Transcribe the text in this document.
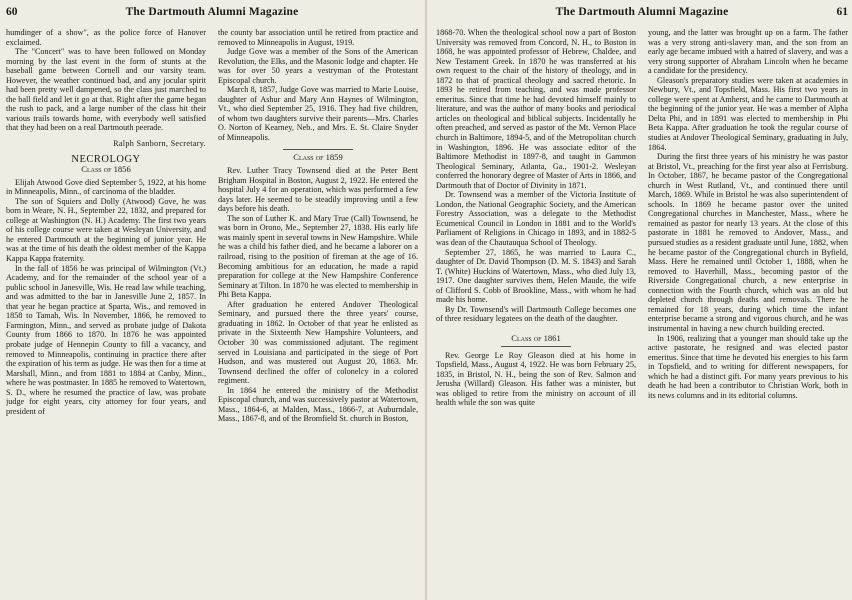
60	The Dartmouth Alumni Magazine

humdinger of a show", as the police force of Hanover exclaimed.

The "Concert" was to have been followed on Monday morning by the last event in the form of stunts at the baseball game between Cornell and our varsity team. However, the weather continued bad, and any jocular spirit had been pretty well dampened, so the class just marched to the ball field and let it go at that. Right after the game began the rush to pack, and a large number of the class hit their various trails towards home, with everybody well satisfied that they had been on a real Dartmouth peerade.

Ralph Sanborn, Secretary.
NECROLOGY
Class of 1856

Elijah Atwood Gove died September 5, 1922, at his home in Minneapolis, Minn., of carcinoma of the bladder.

The son of Squiers and Dolly (Atwood) Gove, he was born in Weare, N. H., September 22, 1832, and prepared for college at Washington (N. H.) Academy. The first two years of his college course were taken at Wesleyan University, and he entered Dartmouth at the beginning of junior year. He was at the time of his death the oldest member of the Kappa Kappa Kappa fraternity.

In the fall of 1856 he was principal of Wilmington (Vt.) Academy, and for the remainder of the school year of a public school in Janesville, Wis. He read law while teaching, and was admitted to the bar in Janesville June 2, 1857. In that year he began practice at Sparta, Wis., and removed in 1858 to Tamah, Wis. In November, 1866, he removed to Farmington, Minn., and served as probate judge of Dakota County from 1866 to 1870. In 1876 he was appointed probate judge of Hennepin County to fill a vacancy, and removed to Minneapolis, continuing in practice there after the expiration of his term as judge. He was then for a time at Marshall, Minn., and from 1881 to 1884 at Canby, Minn., where he was postmaster. In 1885 he removed to Watertown, S. D., where he resumed the practice of law, was probate judge for eight years, city attorney for four years, and president of

the county bar association until he retired from practice and removed to Minneapolis in August, 1919.

Judge Gove was a member of the Sons of the American Revolution, the Elks, and the Masonic lodge and chapter. He was for over 50 years a vestryman of the Protestant Episcopal church.

March 8, 1857, Judge Gove was married to Marie Louise, daughter of Ashur and Mary Ann Haynes of Wilmington, Vt., who died September 25, 1916. They had five children, of whom two daughters survive their parents—Mrs. Charles O. Norton of Kearney, Neb., and Mrs. E. St. Claire Snyder of Minneapolis.

Class of 1859

Rev. Luther Tracy Townsend died at the Peter Bent Brigham Hospital in Boston, August 2, 1922. He entered the hospital July 4 for an operation, which was performed a few days later. He seemed to be steadily improving until a few days before his death.

The son of Luther K. and Mary True (Call) Townsend, he was born in Orono, Me., September 27, 1838. His early life was mainly spent in several towns in New Hampshire. While he was a child his father died, and he became a laborer on a railroad, rising to the position of fireman at the age of 16. Becoming ambitious for an education, he made a rapid preparation for college at the New Hampshire Conference Seminary at Tilton. In 1870 he was elected to membership in Phi Beta Kappa.

After graduation he entered Andover Theological Seminary, and pursued there the three years' course, graduating in 1862. In October of that year he enlisted as private in the Sixteenth New Hampshire Volunteers, and October 30 was commissioned adjutant. The regiment served in Louisiana and participated in the siege of Port Hudson, and was mustered out August 20, 1863. Mr. Townsend declined the offer of colonelcy in a colored regiment.

In 1864 he entered the ministry of the Methodist Episcopal church, and was successively pastor at Watertown, Mass., 1864-6, at Malden, Mass., 1866-7, at Auburndale, Mass., 1867-8, and of the Bromfield St. church in Boston,

The Dartmouth Alumni Magazine	61

1868-70. When the theological school now a part of Boston University was removed from Concord, N. H., to Boston in 1868, he was appointed professor of Hebrew, Chaldee, and New Testament Greek. In 1870 he was transferred at his own request to the chair of the history of theology, and in 1872 to that of practical theology and sacred rhetoric. In 1893 he retired from teaching, and was made professor emeritus. Since that time he had devoted himself mainly to literature, and was the author of many books and periodical articles on theological and biblical subjects. Incidentally he often preached, and served as pastor of the Mt. Vernon Place church in Baltimore, 1894-5, and of the Metropolitan church in Washington, 1896. He was associate editor of the Baltimore Methodist in 1897-8, and taught in Gammon Theological Seminary, Atlanta, Ga., 1901-2. Wesleyan conferred the honorary degree of Master of Arts in 1866, and Dartmouth that of Doctor of Divinity in 1871.

Dr. Townsend was a member of the Victoria Institute of London, the National Geographic Society, and the American Forestry Association, was a delegate to the Methodist Ecumenical Council in London in 1881 and to the World's Parliament of Religions in Chicago in 1893, and in 1882-5 was dean of the Chautauqua School of Theology.

September 27, 1865, he was married to Laura C., daughter of Dr. David Thompson (D. M. S. 1843) and Sarah T. (White) Huckins of Watertown, Mass., who died July 13, 1917. One daughter survives them, Helen Maude, the wife of Clifford S. Cobb of Brookline, Mass., with whom he had made his home.

By Dr. Townsend's will Dartmouth College becomes one of three residuary legatees on the death of the daughter.

Class of 1861

Rev. George Le Roy Gleason died at his home in Topsfield, Mass., August 4, 1922. He was born February 25, 1835, in Bristol, N. H., being the son of Rev. Salmon and Jerusha (Willard) Gleason. His father was a minister, but was obliged to retire from the ministry on account of ill health while the son was quite

young, and the latter was brought up on a farm. The father was a very strong anti-slavery man, and the son from an early age became imbued with a hatred of slavery, and was a very strong supporter of Abraham Lincoln when he became a candidate for the presidency.

Gleason's preparatory studies were taken at academies in Newbury, Vt., and Topsfield, Mass. His first two years in college were spent at Amherst, and he came to Dartmouth at the beginning of the junior year. He was a member of Alpha Delta Phi, and in 1891 was elected to membership in Phi Beta Kappa. After graduation he took the regular course of studies at Andover Theological Seminary, graduating in July, 1864.

During the first three years of his ministry he was pastor at Bristol, Vt., preaching for the first year also at Ferrisburg. In October, 1867, he became pastor of the Congregational church in West Rutland, Vt., and continued there until March, 1869. While in Bristol he was also superintendent of schools. In 1869 he became pastor over the united Congregational churches in Manchester, Mass., where he remained as pastor for nearly 13 years. At the close of this pastorate in 1881 he removed to Andover, Mass., and pursued studies as a resident graduate until June, 1882, when he became pastor of the Congregational church in Byfield, Mass. Here he remained until October 1, 1888, when he removed to Haverhill, Mass., becoming pastor of the Riverside Congregational church, a new enterprise in connection with the Fourth church, which was an old but depleted church through deaths and removals. There he remained for 18 years, during which time the infant enterprise became a strong and vigorous church, and he was instrumental in having a new church building erected.

In 1906, realizing that a younger man should take up the active pastorate, he resigned and was elected pastor emeritus. Since that time he devoted his energies to his farm in Topsfield, and to writing for different newspapers, for which he had a distinct gift. For many years previous to his death he had been a contributor to Christian Work, both in its news columns and in its editorial columns.
